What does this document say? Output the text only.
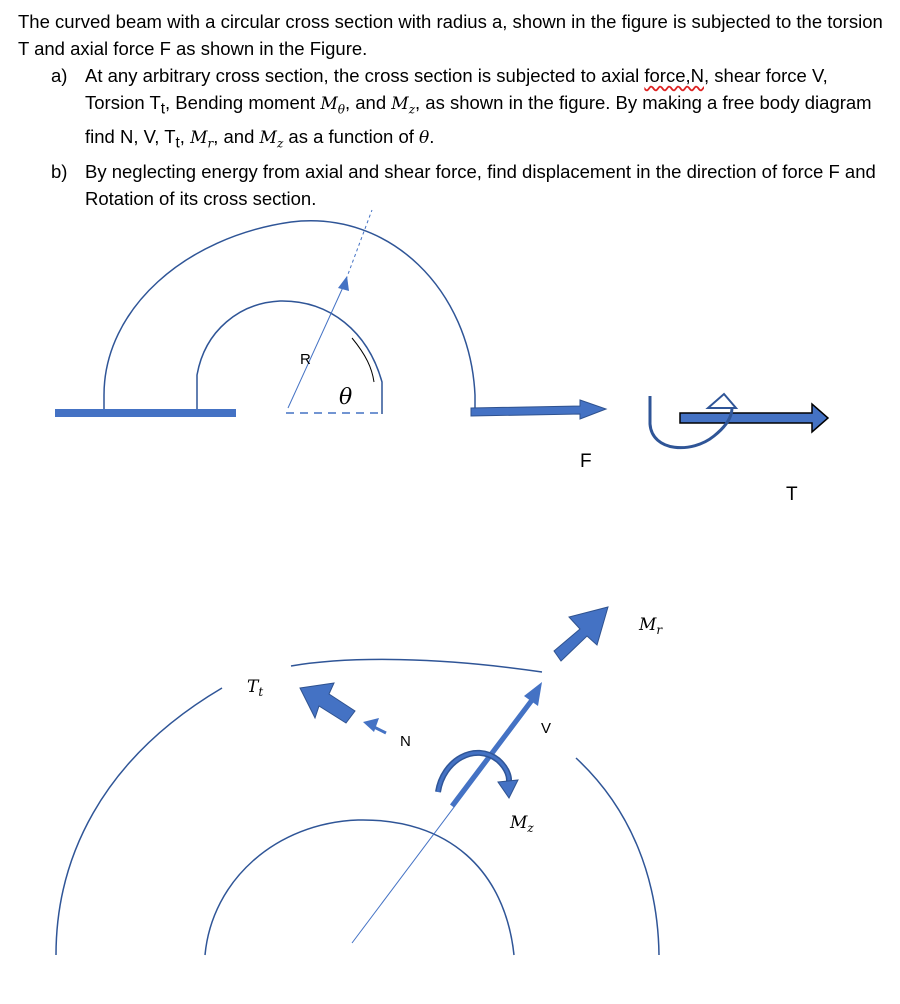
The curved beam with a circular cross section with radius a, shown in the figure is subjected to the torsion T and axial force F as shown in the Figure.

a) At any arbitrary cross section, the cross section is subjected to axial force,N, shear force V, Torsion $T_t$, Bending moment $M_\theta$, and $M_z$, as shown in the figure. By making a free body diagram find N, V, $T_t$, $M_r$, and $M_z$ as a function of θ.

b) By neglecting energy from axial and shear force, find displacement in the direction of force F and Rotation of its cross section.

R
θ
F
T
V
$M_r$
$T_t$
N
$M_z$
